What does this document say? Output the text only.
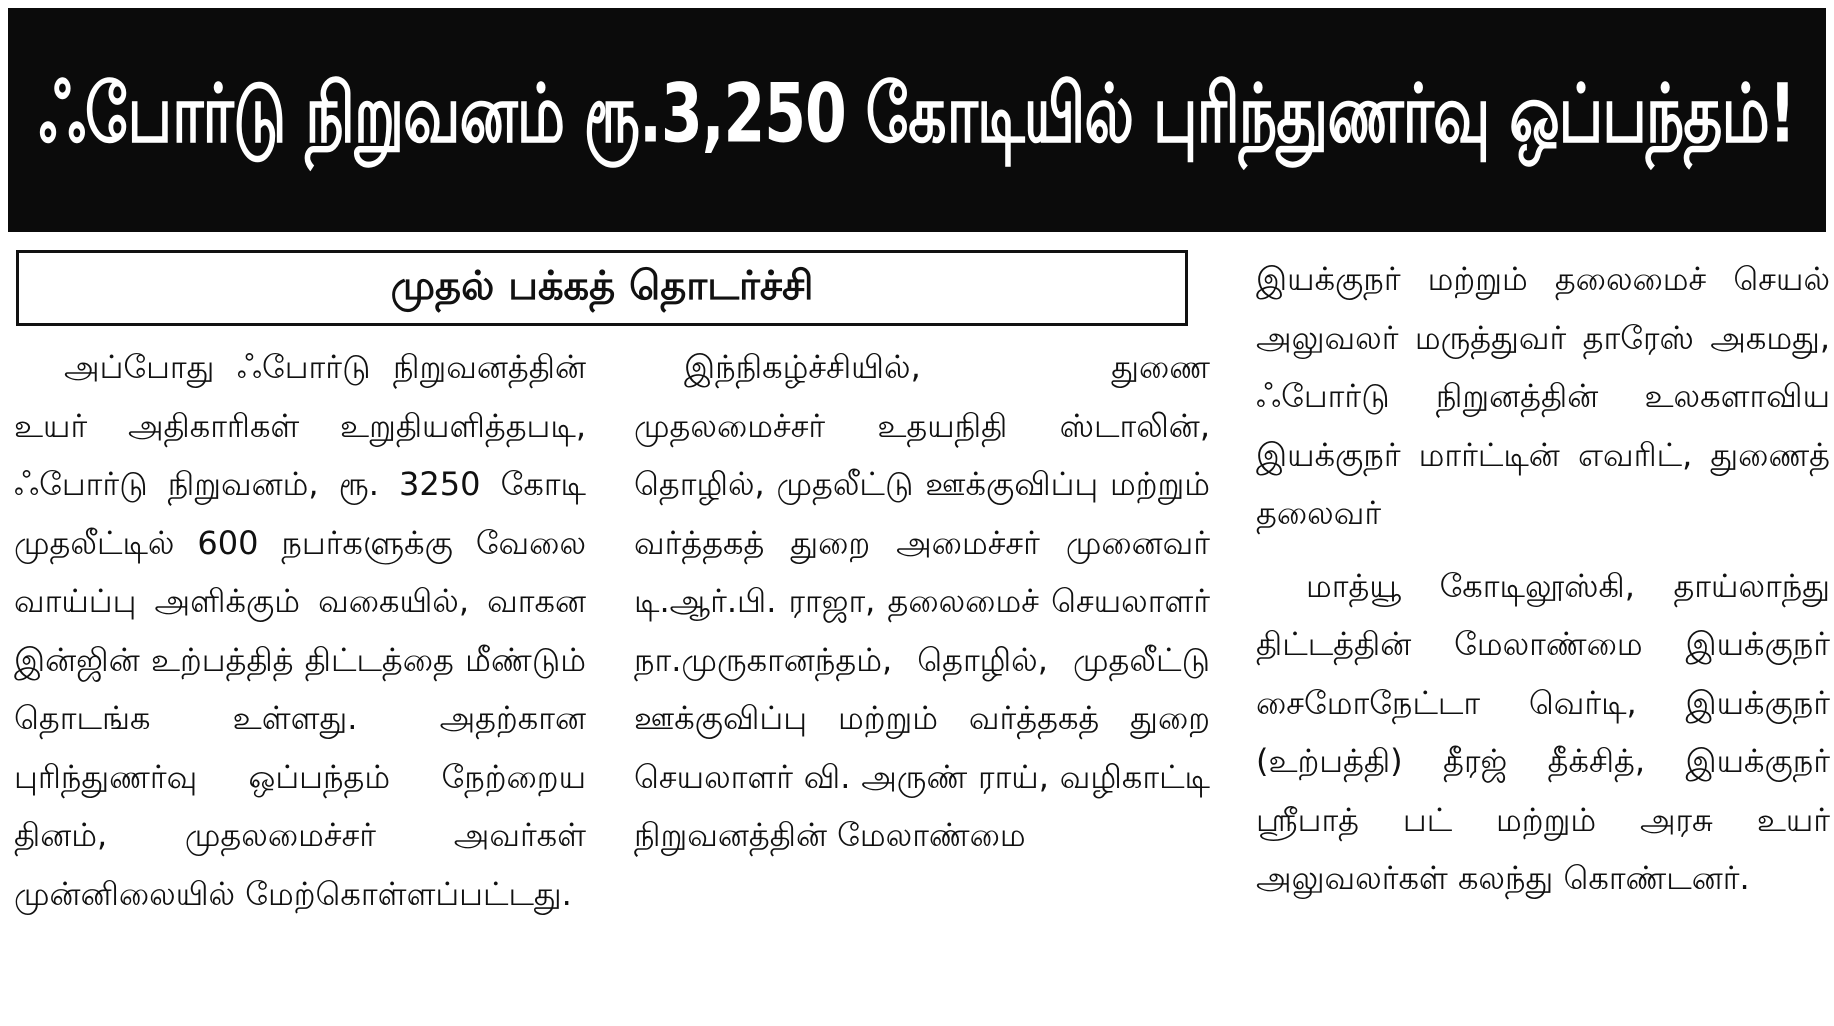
ஃபோர்டு நிறுவனம் ரூ.3,250 கோடியில் புரிந்துணர்வு ஒப்பந்தம்!
முதல் பக்கத் தொடர்ச்சி

அப்போது ஃபோர்டு நிறுவனத்தின் உயர் அதிகாரிகள் உறுதியளித்தபடி, ஃபோர்டு நிறுவனம், ரூ. 3250 கோடி முதலீட்டில் 600 நபர்களுக்கு வேலை வாய்ப்பு அளிக்கும் வகையில், வாகன இன்ஜின் உற்பத்தித் திட்டத்தை மீண்டும் தொடங்க உள்ளது. அதற்கான புரிந்துணர்வு ஒப்பந்தம் நேற்றைய தினம், முதலமைச்சர் அவர்கள் முன்னிலையில் மேற்கொள்ளப்பட்டது.

இந்நிகழ்ச்சியில், துணை முதலமைச்சர் உதயநிதி ஸ்டாலின், தொழில், முதலீட்டு ஊக்குவிப்பு மற்றும் வர்த்தகத் துறை அமைச்சர் முனைவர் டி.ஆர்.பி. ராஜா, தலைமைச் செயலாளர் நா.முருகானந்தம், தொழில், முதலீட்டு ஊக்குவிப்பு மற்றும் வர்த்தகத் துறை செயலாளர் வி. அருண் ராய், வழிகாட்டி நிறுவனத்தின் மேலாண்மை

இயக்குநர் மற்றும் தலைமைச் செயல் அலுவலர் மருத்துவர் தாரேஸ் அகமது, ஃபோர்டு நிறுனத்தின் உலகளாவிய இயக்குநர் மார்ட்டின் எவரிட், துணைத் தலைவர்

மாத்யூ கோடிலூஸ்கி, தாய்லாந்து திட்டத்தின் மேலாண்மை இயக்குநர் சைமோநேட்டா வெர்டி, இயக்குநர் (உற்பத்தி) தீரஜ் தீக்சித், இயக்குநர் ஸ்ரீபாத் பட் மற்றும் அரசு உயர் அலுவலர்கள் கலந்து கொண்டனர்.
